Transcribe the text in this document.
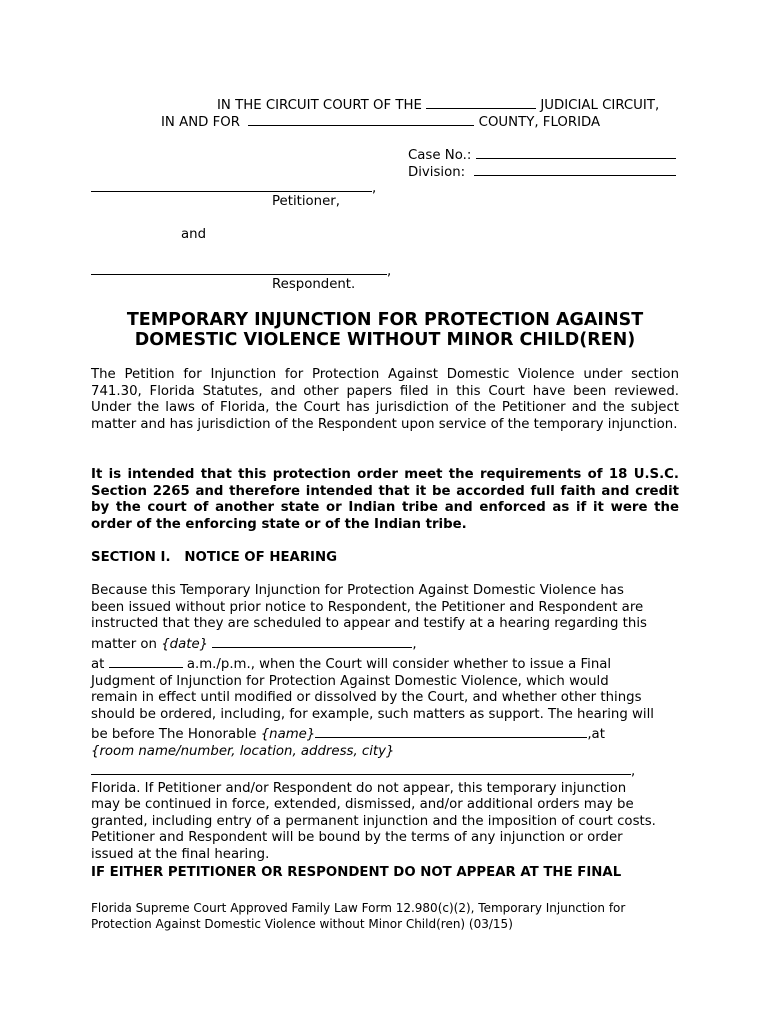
IN THE CIRCUIT COURT OF THE	JUDICIAL CIRCUIT,
IN AND FOR	COUNTY, FLORIDA
Case No.:
Division:
,
Petitioner,
and
,
Respondent.
TEMPORARY INJUNCTION FOR PROTECTION AGAINST
DOMESTIC VIOLENCE WITHOUT MINOR CHILD(REN)
The Petition for Injunction for Protection Against Domestic Violence under section 741.30, Florida Statutes, and other papers filed in this Court have been reviewed. Under the laws of Florida, the Court has jurisdiction of the Petitioner and the subject matter and has jurisdiction of the Respondent upon service of the temporary injunction.
It is intended that this protection order meet the requirements of 18 U.S.C. Section 2265 and therefore intended that it be accorded full faith and credit by the court of another state or Indian tribe and enforced as if it were the order of the enforcing state or of the Indian tribe.
SECTION I.   NOTICE OF HEARING
Because this Temporary Injunction for Protection Against Domestic Violence has
been issued without prior notice to Respondent, the Petitioner and Respondent are
instructed that they are scheduled to appear and testify at a hearing regarding this
matter on {date}	,
at	a.m./p.m., when the Court will consider whether to issue a Final
Judgment of Injunction for Protection Against Domestic Violence, which would
remain in effect until modified or dissolved by the Court, and whether other things
should be ordered, including, for example, such matters as support. The hearing will
be before The Honorable {name}	,at
{room name/number, location, address, city}
,
Florida. If Petitioner and/or Respondent do not appear, this temporary injunction
may be continued in force, extended, dismissed, and/or additional orders may be
granted, including entry of a permanent injunction and the imposition of court costs.
Petitioner and Respondent will be bound by the terms of any injunction or order
issued at the final hearing.
IF EITHER PETITIONER OR RESPONDENT DO NOT APPEAR AT THE FINAL
Florida Supreme Court Approved Family Law Form 12.980(c)(2), Temporary Injunction for
Protection Against Domestic Violence without Minor Child(ren) (03/15)
